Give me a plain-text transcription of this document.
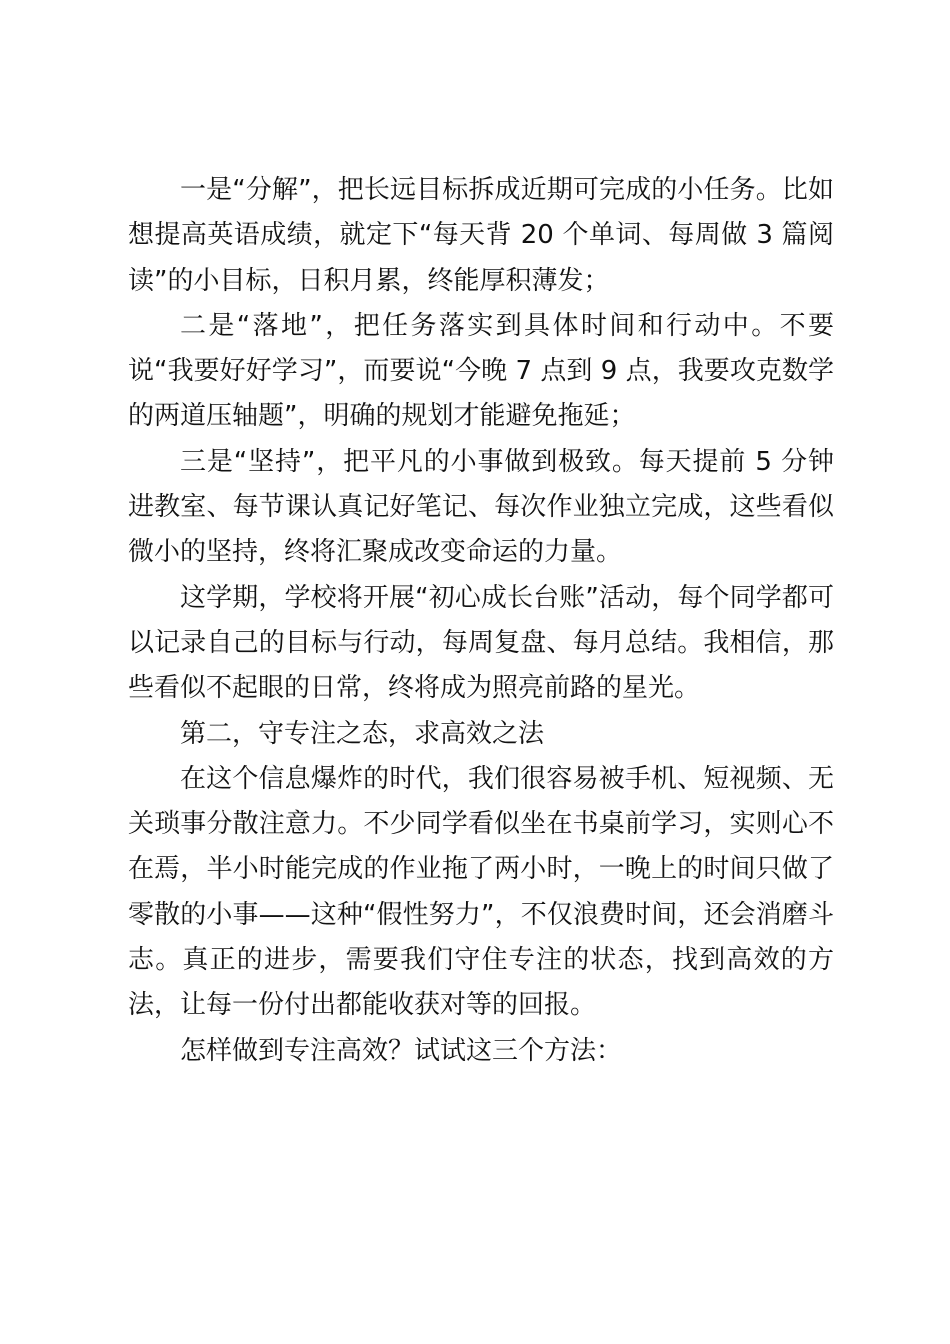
一是“分解”，把长远目标拆成近期可完成的小任务。比如想提高英语成绩，就定下“每天背 20 个单词、每周做 3 篇阅读”的小目标，日积月累，终能厚积薄发；

二是“落地”，把任务落实到具体时间和行动中。不要说“我要好好学习”，而要说“今晚 7 点到 9 点，我要攻克数学的两道压轴题”，明确的规划才能避免拖延；

三是“坚持”，把平凡的小事做到极致。每天提前 5 分钟进教室、每节课认真记好笔记、每次作业独立完成，这些看似微小的坚持，终将汇聚成改变命运的力量。

这学期，学校将开展“初心成长台账”活动，每个同学都可以记录自己的目标与行动，每周复盘、每月总结。我相信，那些看似不起眼的日常，终将成为照亮前路的星光。

第二，守专注之态，求高效之法

在这个信息爆炸的时代，我们很容易被手机、短视频、无关琐事分散注意力。不少同学看似坐在书桌前学习，实则心不在焉，半小时能完成的作业拖了两小时，一晚上的时间只做了零散的小事——这种“假性努力”，不仅浪费时间，还会消磨斗志。真正的进步，需要我们守住专注的状态，找到高效的方法，让每一份付出都能收获对等的回报。

怎样做到专注高效？试试这三个方法：
